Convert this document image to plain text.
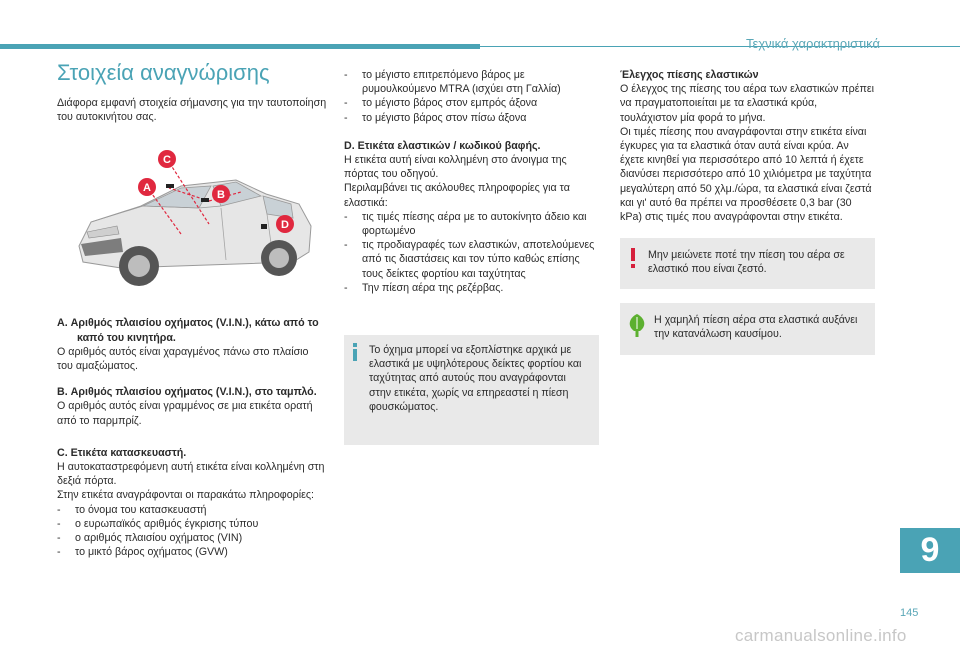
Τεχνικά χαρακτηριστικά
Στοιχεία αναγνώρισης

Διάφορα εμφανή στοιχεία σήμανσης για την ταυτοποίηση του αυτοκινήτου σας.

A
C
B
D

A. Αριθμός πλαισίου οχήματος (V.I.N.), κάτω από το καπό του κινητήρα.

Ο αριθμός αυτός είναι χαραγμένος πάνω στο πλαίσιο του αμαξώματος.

B. Αριθμός πλαισίου οχήματος (V.I.N.), στο ταμπλό.

Ο αριθμός αυτός είναι γραμμένος σε μια ετικέτα ορατή από το παρμπρίζ.

C. Ετικέτα κατασκευαστή.

Η αυτοκαταστρεφόμενη αυτή ετικέτα είναι κολλημένη στη δεξιά πόρτα.

Στην ετικέτα αναγράφονται οι παρακάτω πληροφορίες:

-	το όνομα του κατασκευαστή
-	ο ευρωπαϊκός αριθμός έγκρισης τύπου
-	ο αριθμός πλαισίου οχήματος (VIN)
-	το μικτό βάρος οχήματος (GVW)
-	το μέγιστο επιτρεπόμενο βάρος με ρυμουλκούμενο MTRA (ισχύει στη Γαλλία)
-	το μέγιστο βάρος στον εμπρός άξονα
-	το μέγιστο βάρος στον πίσω άξονα

D. Ετικέτα ελαστικών / κωδικού βαφής.

Η ετικέτα αυτή είναι κολλημένη στο άνοιγμα της πόρτας του οδηγού.

Περιλαμβάνει τις ακόλουθες πληροφορίες για τα ελαστικά:

-	τις τιμές πίεσης αέρα με το αυτοκίνητο άδειο και φορτωμένο
-	τις προδιαγραφές των ελαστικών, αποτελούμενες από τις διαστάσεις και τον τύπο καθώς επίσης τους δείκτες φορτίου και ταχύτητας
-	Την πίεση αέρα της ρεζέρβας.

Το όχημα μπορεί να εξοπλίστηκε αρχικά με ελαστικά με υψηλότερους δείκτες φορτίου και ταχύτητας από αυτούς που αναγράφονται στην ετικέτα, χωρίς να επηρεαστεί η πίεση φουσκώματος.

Έλεγχος πίεσης ελαστικών

Ο έλεγχος της πίεσης του αέρα των ελαστικών πρέπει να πραγματοποιείται με τα ελαστικά κρύα, τουλάχιστον μία φορά το μήνα.

Οι τιμές πίεσης που αναγράφονται στην ετικέτα είναι έγκυρες για τα ελαστικά όταν αυτά είναι κρύα. Αν έχετε κινηθεί για περισσότερο από 10 λεπτά ή έχετε διανύσει περισσότερο από 10 χιλιόμετρα με ταχύτητα μεγαλύτερη από 50 χλμ./ώρα, τα ελαστικά είναι ζεστά και γι' αυτό θα πρέπει να προσθέσετε 0,3 bar (30 kPa) στις τιμές που αναγράφονται στην ετικέτα.

Μην μειώνετε ποτέ την πίεση του αέρα σε ελαστικό που είναι ζεστό.

Η χαμηλή πίεση αέρα στα ελαστικά αυξάνει την κατανάλωση καυσίμου.

9
145
carmanualsonline.info
